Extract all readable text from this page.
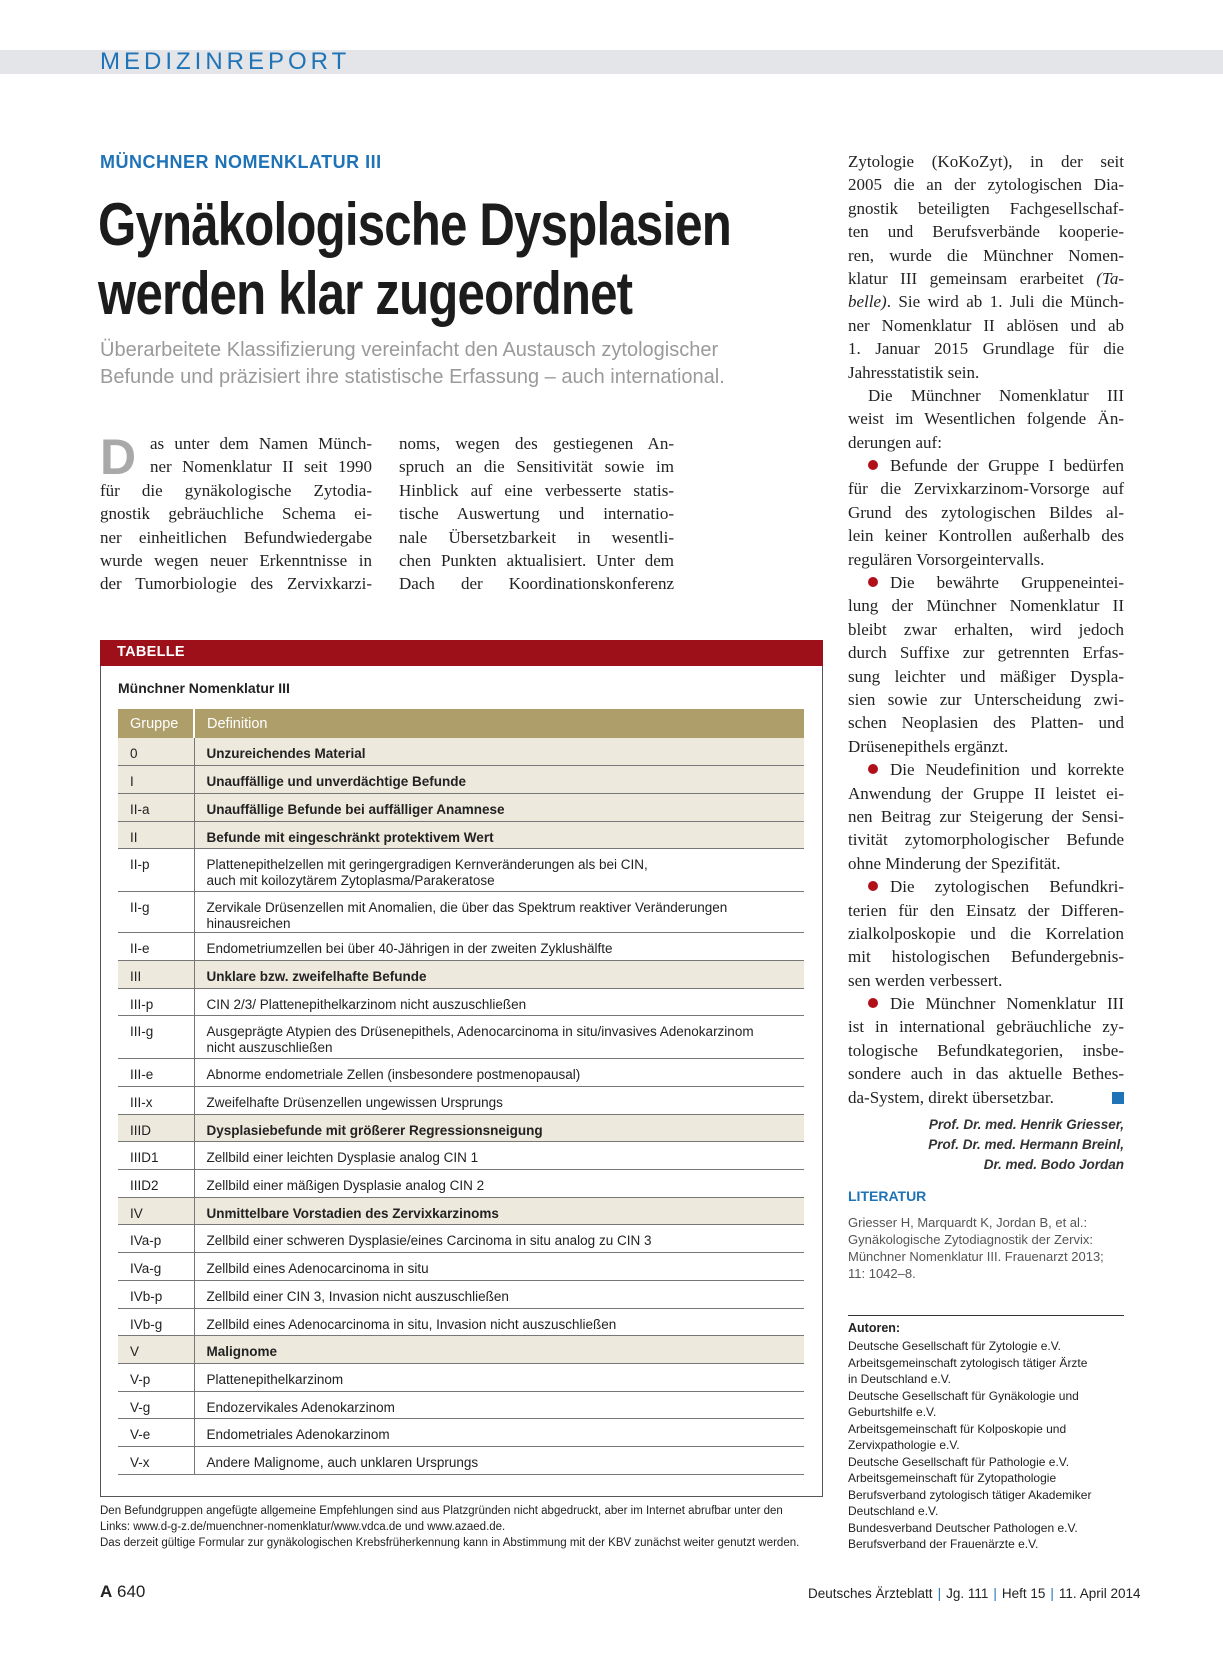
MEDIZINREPORT
MÜNCHNER NOMENKLATUR III
Gynäkologische Dysplasien
werden klar zugeordnet
Überarbeitete Klassifizierung vereinfacht den Austausch zytologischer
Befunde und präzisiert ihre statistische Erfassung – auch international.
D as unter dem Namen Münch-
ner Nomenklatur II seit 1990
für die gynäkologische Zytodia-
gnostik gebräuchliche Schema ei-
ner einheitlichen Befundwiedergabe
wurde wegen neuer Erkenntnisse in
der Tumorbiologie des Zervixkarzi-
noms, wegen des gestiegenen An-
spruch an die Sensitivität sowie im
Hinblick auf eine verbesserte statis-
tische Auswertung und internatio-
nale Übersetzbarkeit in wesentli-
chen Punkten aktualisiert. Unter dem
Dach der Koordinationskonferenz
Zytologie (KoKoZyt), in der seit
2005 die an der zytologischen Dia-
gnostik beteiligten Fachgesellschaf-
ten und Berufsverbände kooperie-
ren, wurde die Münchner Nomen-
klatur III gemeinsam erarbeitet (Ta-
belle). Sie wird ab 1. Juli die Münch-
ner Nomenklatur II ablösen und ab
1. Januar 2015 Grundlage für die
Jahresstatistik sein.
Die Münchner Nomenklatur III
weist im Wesentlichen folgende Än-
derungen auf:
Befunde der Gruppe I bedürfen
für die Zervixkarzinom-Vorsorge auf
Grund des zytologischen Bildes al-
lein keiner Kontrollen außerhalb des
regulären Vorsorgeintervalls.
Die bewährte Gruppeneintei-
lung der Münchner Nomenklatur II
bleibt zwar erhalten, wird jedoch
durch Suffixe zur getrennten Erfas-
sung leichter und mäßiger Dyspla-
sien sowie zur Unterscheidung zwi-
schen Neoplasien des Platten- und
Drüsenepithels ergänzt.
Die Neudefinition und korrekte
Anwendung der Gruppe II leistet ei-
nen Beitrag zur Steigerung der Sensi-
tivität zytomorphologischer Befunde
ohne Minderung der Spezifität.
Die zytologischen Befundkri-
terien für den Einsatz der Differen-
zialkolposkopie und die Korrelation
mit histologischen Befundergebnis-
sen werden verbessert.
Die Münchner Nomenklatur III
ist in international gebräuchliche zy-
tologische Befundkategorien, insbe-
sondere auch in das aktuelle Bethes-
da-System, direkt übersetzbar.
Prof. Dr. med. Henrik Griesser,
Prof. Dr. med. Hermann Breinl,
Dr. med. Bodo Jordan
LITERATUR
Griesser H, Marquardt K, Jordan B, et al.:
Gynäkologische Zytodiagnostik der Zervix:
Münchner Nomenklatur III. Frauenarzt 2013;
11: 1042–8.
Autoren:
Deutsche Gesellschaft für Zytologie e.V.
Arbeitsgemeinschaft zytologisch tätiger Ärzte
in Deutschland e.V.
Deutsche Gesellschaft für Gynäkologie und
Geburtshilfe e.V.
Arbeitsgemeinschaft für Kolposkopie und
Zervixpathologie e.V.
Deutsche Gesellschaft für Pathologie e.V.
Arbeitsgemeinschaft für Zytopathologie
Berufsverband zytologisch tätiger Akademiker
Deutschland e.V.
Bundesverband Deutscher Pathologen e.V.
Berufsverband der Frauenärzte e.V.
TABELLE
Münchner Nomenklatur III
Gruppe	Definition
0	Unzureichendes Material

I	Unauffällige und unverdächtige Befunde

II-a	Unauffällige Befunde bei auffälliger Anamnese

II	Befunde mit eingeschränkt protektivem Wert

II-p	Plattenepithelzellen mit geringergradigen Kernveränderungen als bei CIN,
auch mit koilozytärem Zytoplasma/Parakeratose

II-g	Zervikale Drüsenzellen mit Anomalien, die über das Spektrum reaktiver Veränderungen hinausreichen

II-e	Endometriumzellen bei über 40-Jährigen in der zweiten Zyklushälfte

III	Unklare bzw. zweifelhafte Befunde

III-p	CIN 2/3/ Plattenepithelkarzinom nicht auszuschließen

III-g	Ausgeprägte Atypien des Drüsenepithels, Adenocarcinoma in situ/invasives Adenokarzinom
nicht auszuschließen

III-e	Abnorme endometriale Zellen (insbesondere postmenopausal)

III-x	Zweifelhafte Drüsenzellen ungewissen Ursprungs

IIID	Dysplasiebefunde mit größerer Regressionsneigung

IIID1	Zellbild einer leichten Dysplasie analog CIN 1

IIID2	Zellbild einer mäßigen Dysplasie analog CIN 2

IV	Unmittelbare Vorstadien des Zervixkarzinoms

IVa-p	Zellbild einer schweren Dysplasie/eines Carcinoma in situ analog zu CIN 3

IVa-g	Zellbild eines Adenocarcinoma in situ

IVb-p	Zellbild einer CIN 3, Invasion nicht auszuschließen

IVb-g	Zellbild eines Adenocarcinoma in situ, Invasion nicht auszuschließen

V	Malignome

V-p	Plattenepithelkarzinom

V-g	Endozervikales Adenokarzinom

V-e	Endometriales Adenokarzinom

V-x	Andere Malignome, auch unklaren Ursprungs
Den Befundgruppen angefügte allgemeine Empfehlungen sind aus Platzgründen nicht abgedruckt, aber im Internet abrufbar unter den
Links: www.d-g-z.de/muenchner-nomenklatur/www.vdca.de und www.azaed.de.
Das derzeit gültige Formular zur gynäkologischen Krebsfrüherkennung kann in Abstimmung mit der KBV zunächst weiter genutzt werden.
A 640	Deutsches Ärzteblatt | Jg. 111 | Heft 15 | 11. April 2014
